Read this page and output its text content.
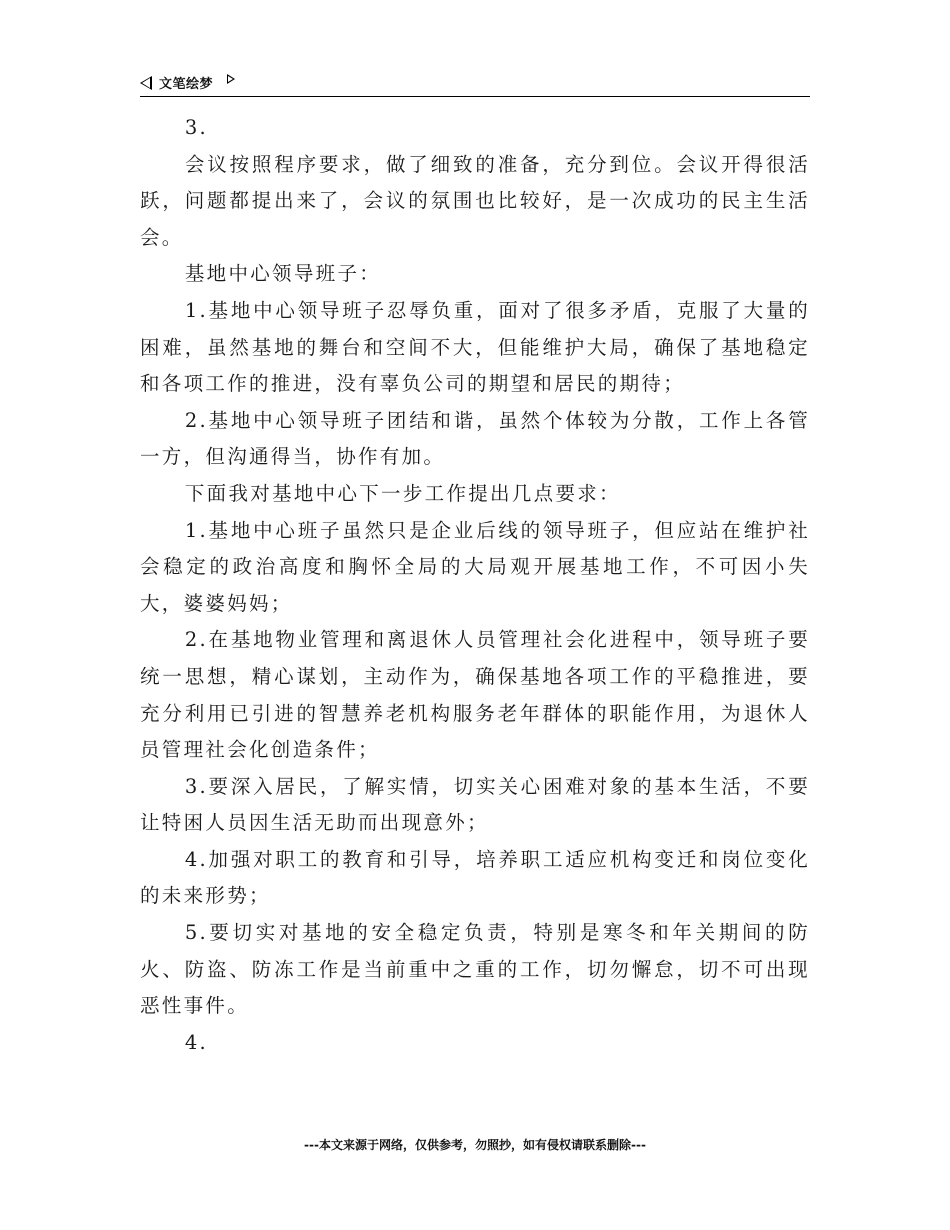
文笔绘梦

3.

会议按照程序要求，做了细致的准备，充分到位。会议开得很活跃，问题都提出来了，会议的氛围也比较好，是一次成功的民主生活会。

基地中心领导班子：

1.基地中心领导班子忍辱负重，面对了很多矛盾，克服了大量的困难，虽然基地的舞台和空间不大，但能维护大局，确保了基地稳定和各项工作的推进，没有辜负公司的期望和居民的期待；

2.基地中心领导班子团结和谐，虽然个体较为分散，工作上各管一方，但沟通得当，协作有加。

下面我对基地中心下一步工作提出几点要求：

1.基地中心班子虽然只是企业后线的领导班子，但应站在维护社会稳定的政治高度和胸怀全局的大局观开展基地工作，不可因小失大，婆婆妈妈；

2.在基地物业管理和离退休人员管理社会化进程中，领导班子要统一思想，精心谋划，主动作为，确保基地各项工作的平稳推进，要充分利用已引进的智慧养老机构服务老年群体的职能作用，为退休人员管理社会化创造条件；

3.要深入居民，了解实情，切实关心困难对象的基本生活，不要让特困人员因生活无助而出现意外；

4.加强对职工的教育和引导，培养职工适应机构变迁和岗位变化的未来形势；

5.要切实对基地的安全稳定负责，特别是寒冬和年关期间的防火、防盗、防冻工作是当前重中之重的工作，切勿懈怠，切不可出现恶性事件。

4.

---本文来源于网络，仅供参考，勿照抄，如有侵权请联系删除---
